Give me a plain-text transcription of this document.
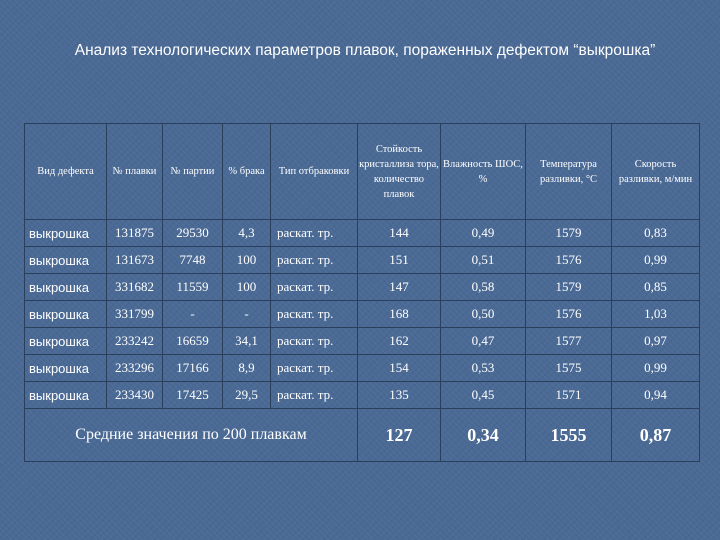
Анализ технологических параметров плавок, пораженных дефектом “выкрошка”
Вид дефекта	№ плавки	№ партии	% брака	Тип отбраковки	Стойкость кристаллиза тора, количество плавок	Влажность ШОС, %	Температура разливки, °С	Скорость разливки, м/мин
выкрошка	131875	29530	4,3	раскат. тр.	144	0,49	1579	0,83
выкрошка	131673	7748	100	раскат. тр.	151	0,51	1576	0,99
выкрошка	331682	11559	100	раскат. тр.	147	0,58	1579	0,85
выкрошка	331799	-	-	раскат. тр.	168	0,50	1576	1,03
выкрошка	233242	16659	34,1	раскат. тр.	162	0,47	1577	0,97
выкрошка	233296	17166	8,9	раскат. тр.	154	0,53	1575	0,99
выкрошка	233430	17425	29,5	раскат. тр.	135	0,45	1571	0,94
Средние значения по 200 плавкам					127	0,34	1555	0,87
